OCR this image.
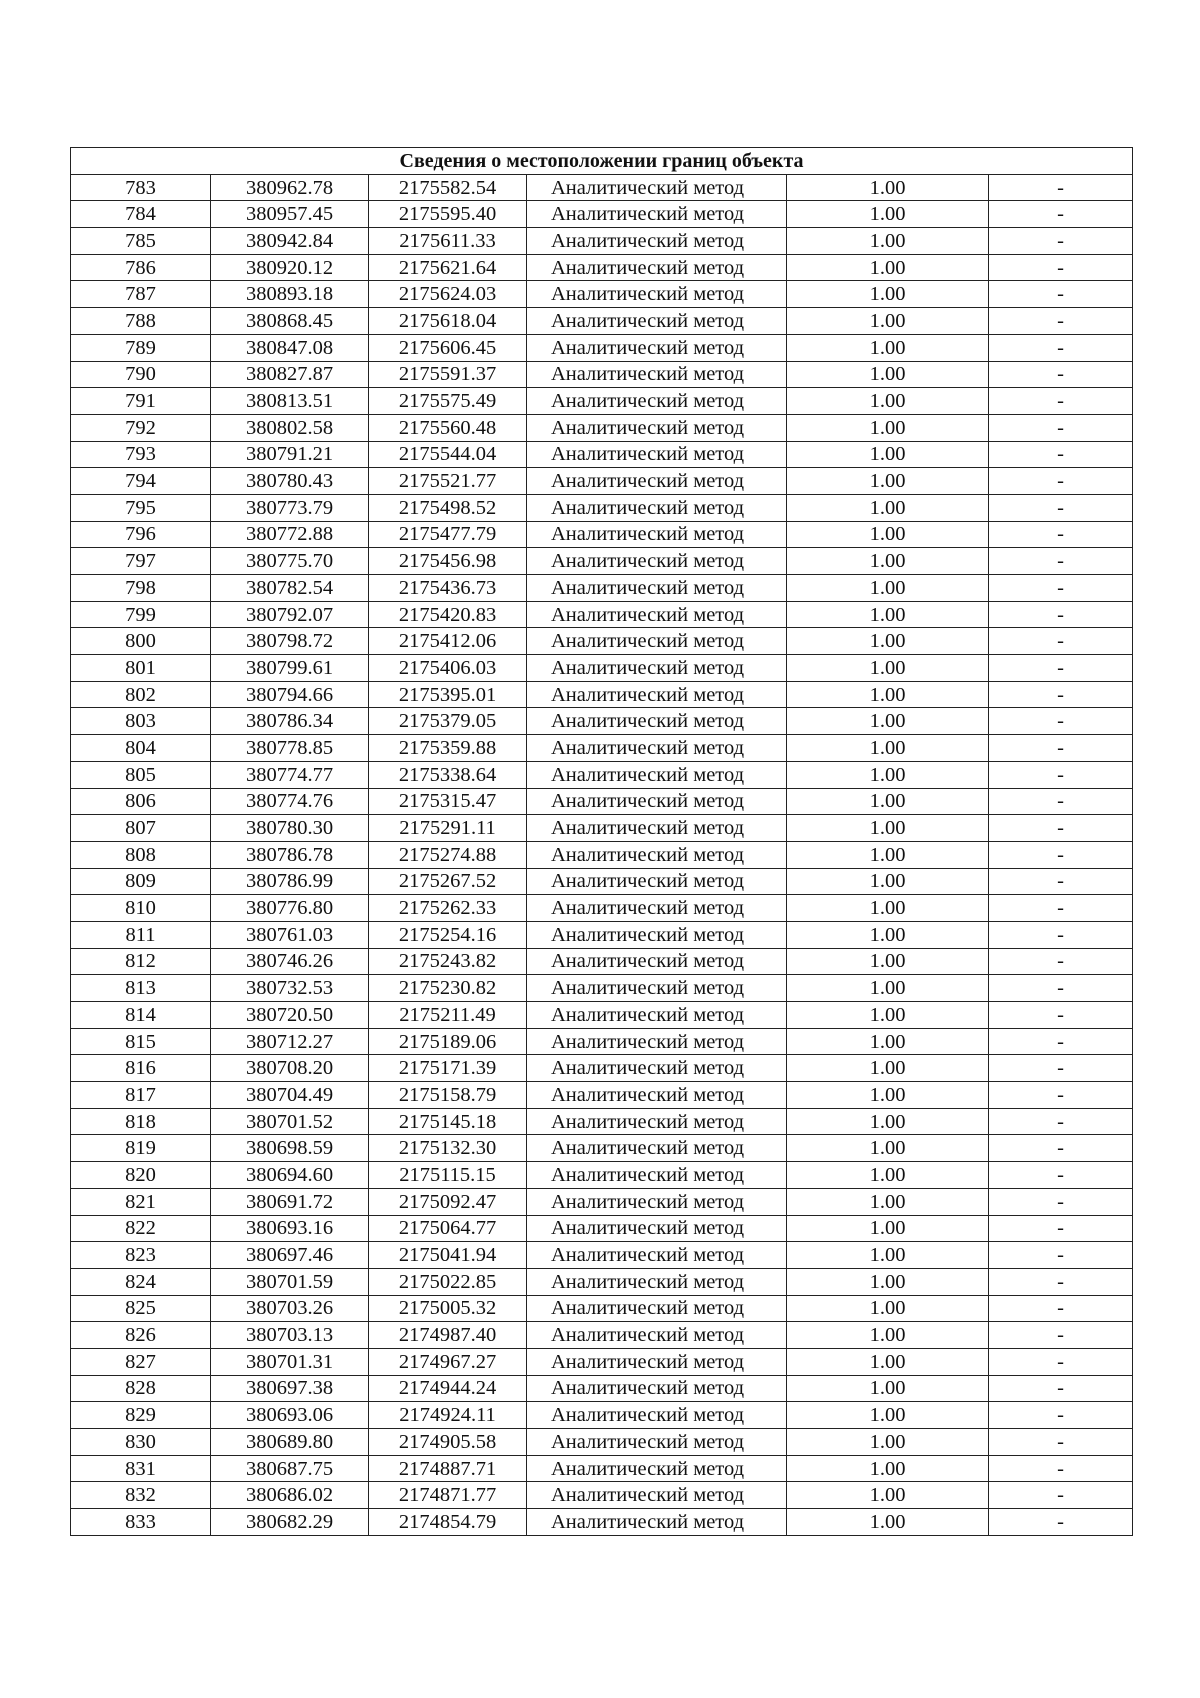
Сведения о местоположении границ объекта					
783	380962.78	2175582.54	Аналитический метод	1.00	-
784	380957.45	2175595.40	Аналитический метод	1.00	-
785	380942.84	2175611.33	Аналитический метод	1.00	-
786	380920.12	2175621.64	Аналитический метод	1.00	-
787	380893.18	2175624.03	Аналитический метод	1.00	-
788	380868.45	2175618.04	Аналитический метод	1.00	-
789	380847.08	2175606.45	Аналитический метод	1.00	-
790	380827.87	2175591.37	Аналитический метод	1.00	-
791	380813.51	2175575.49	Аналитический метод	1.00	-
792	380802.58	2175560.48	Аналитический метод	1.00	-
793	380791.21	2175544.04	Аналитический метод	1.00	-
794	380780.43	2175521.77	Аналитический метод	1.00	-
795	380773.79	2175498.52	Аналитический метод	1.00	-
796	380772.88	2175477.79	Аналитический метод	1.00	-
797	380775.70	2175456.98	Аналитический метод	1.00	-
798	380782.54	2175436.73	Аналитический метод	1.00	-
799	380792.07	2175420.83	Аналитический метод	1.00	-
800	380798.72	2175412.06	Аналитический метод	1.00	-
801	380799.61	2175406.03	Аналитический метод	1.00	-
802	380794.66	2175395.01	Аналитический метод	1.00	-
803	380786.34	2175379.05	Аналитический метод	1.00	-
804	380778.85	2175359.88	Аналитический метод	1.00	-
805	380774.77	2175338.64	Аналитический метод	1.00	-
806	380774.76	2175315.47	Аналитический метод	1.00	-
807	380780.30	2175291.11	Аналитический метод	1.00	-
808	380786.78	2175274.88	Аналитический метод	1.00	-
809	380786.99	2175267.52	Аналитический метод	1.00	-
810	380776.80	2175262.33	Аналитический метод	1.00	-
811	380761.03	2175254.16	Аналитический метод	1.00	-
812	380746.26	2175243.82	Аналитический метод	1.00	-
813	380732.53	2175230.82	Аналитический метод	1.00	-
814	380720.50	2175211.49	Аналитический метод	1.00	-
815	380712.27	2175189.06	Аналитический метод	1.00	-
816	380708.20	2175171.39	Аналитический метод	1.00	-
817	380704.49	2175158.79	Аналитический метод	1.00	-
818	380701.52	2175145.18	Аналитический метод	1.00	-
819	380698.59	2175132.30	Аналитический метод	1.00	-
820	380694.60	2175115.15	Аналитический метод	1.00	-
821	380691.72	2175092.47	Аналитический метод	1.00	-
822	380693.16	2175064.77	Аналитический метод	1.00	-
823	380697.46	2175041.94	Аналитический метод	1.00	-
824	380701.59	2175022.85	Аналитический метод	1.00	-
825	380703.26	2175005.32	Аналитический метод	1.00	-
826	380703.13	2174987.40	Аналитический метод	1.00	-
827	380701.31	2174967.27	Аналитический метод	1.00	-
828	380697.38	2174944.24	Аналитический метод	1.00	-
829	380693.06	2174924.11	Аналитический метод	1.00	-
830	380689.80	2174905.58	Аналитический метод	1.00	-
831	380687.75	2174887.71	Аналитический метод	1.00	-
832	380686.02	2174871.77	Аналитический метод	1.00	-
833	380682.29	2174854.79	Аналитический метод	1.00	-
